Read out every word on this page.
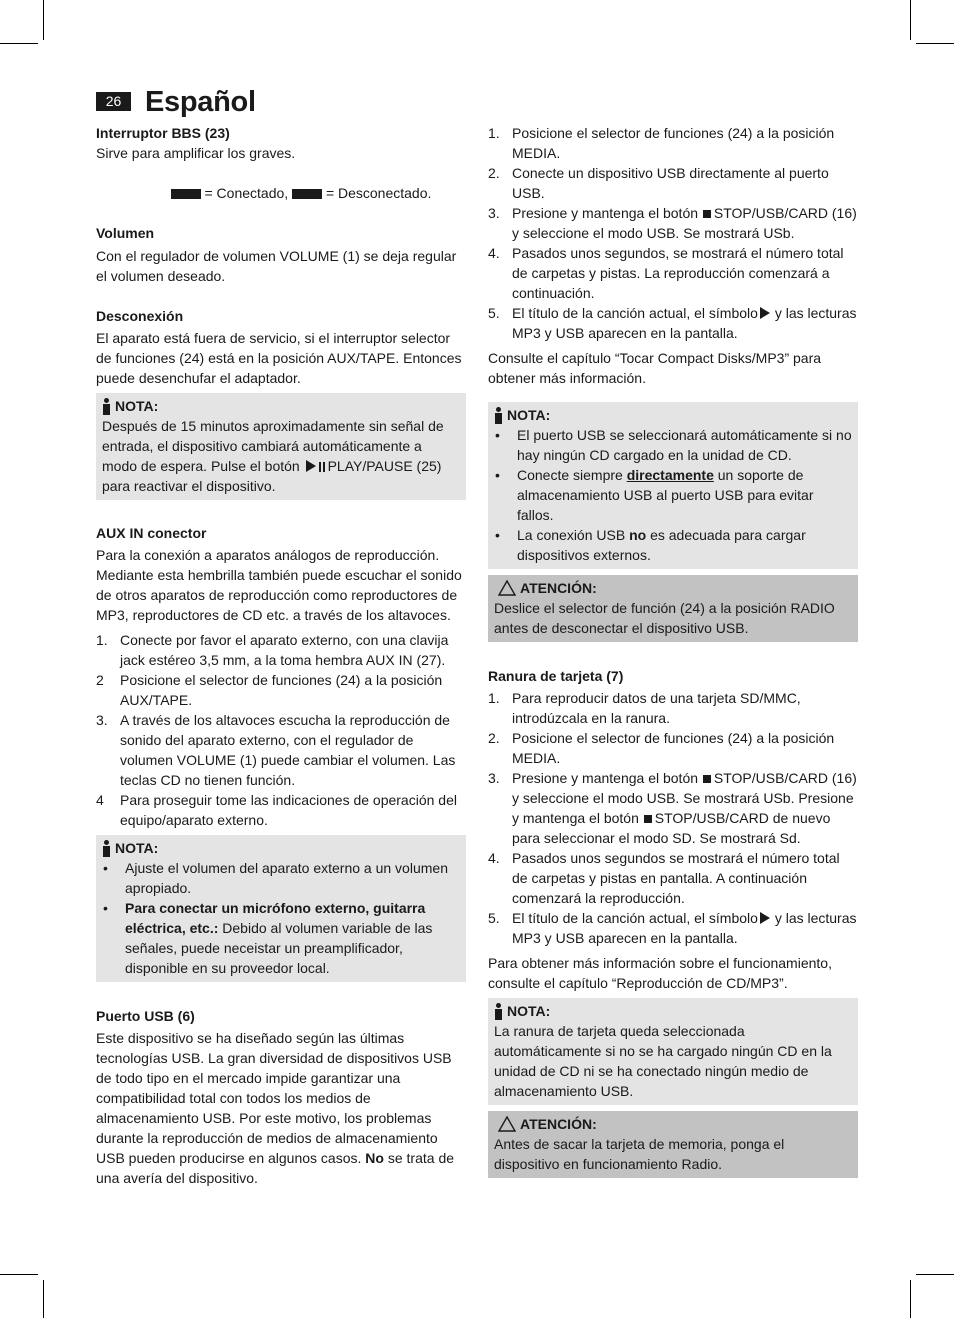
26 Español
Interruptor BBS (23)

Sirve para amplificar los graves.

= Conectado,	= Desconectado.

Volumen

Con el regulador de volumen VOLUME (1) se deja regular el volumen deseado.

Desconexión

El aparato está fuera de servicio, si el interruptor selector de funciones (24) está en la posición AUX/TAPE. Entonces puede desenchufar el adaptador.

NOTA:

Después de 15 minutos aproximadamente sin señal de entrada, el dispositivo cambiará automáticamente a modo de espera. Pulse el botón PLAY/PAUSE (25) para reactivar el dispositivo.

AUX IN conector

Para la conexión a aparatos análogos de reproducción. Mediante esta hembrilla también puede escuchar el sonido de otros aparatos de reproducción como reproductores de MP3, reproductores de CD etc. a través de los altavoces.

1. Conecte por favor el aparato externo, con una clavija jack estéreo 3,5 mm, a la toma hembra AUX IN (27).
2	Posicione el selector de funciones (24) a la posición AUX/TAPE.
3. A través de los altavoces escucha la reproducción de sonido del aparato externo, con el regulador de volumen VOLUME (1) puede cambiar el volumen. Las teclas CD no tienen función.
4	Para proseguir tome las indicaciones de operación del equipo/aparato externo.
NOTA:
•	Ajuste el volumen del aparato externo a un volumen apropiado.
•	Para conectar un micrófono externo, guitarra eléctrica, etc.: Debido al volumen variable de las señales, puede neceistar un preamplificador, disponible en su proveedor local.
Puerto USB (6)

Este dispositivo se ha diseñado según las últimas tecnologías USB. La gran diversidad de dispositivos USB de todo tipo en el mercado impide garantizar una compatibilidad total con todos los medios de almacenamiento USB. Por este motivo, los problemas durante la reproducción de medios de almacenamiento USB pueden producirse en algunos casos. No se trata de una avería del dispositivo.

1. Posicione el selector de funciones (24) a la posición MEDIA.
2. Conecte un dispositivo USB directamente al puerto USB.
3. Presione y mantenga el botón STOP/USB/CARD (16) y seleccione el modo USB. Se mostrará USb.
4. Pasados unos segundos, se mostrará el número total de carpetas y pistas. La reproducción comenzará a continuación.
5. El título de la canción actual, el símbolo y las lecturas MP3 y USB aparecen en la pantalla.

Consulte el capítulo “Tocar Compact Disks/MP3” para obtener más información.

NOTA:
•	El puerto USB se seleccionará automáticamente si no hay ningún CD cargado en la unidad de CD.
•	Conecte siempre directamente un soporte de almacenamiento USB al puerto USB para evitar fallos.
•	La conexión USB no es adecuada para cargar dispositivos externos.
ATENCIÓN:

Deslice el selector de función (24) a la posición RADIO antes de desconectar el dispositivo USB.

Ranura de tarjeta (7)
1. Para reproducir datos de una tarjeta SD/MMC, introdúzcala en la ranura.
2. Posicione el selector de funciones (24) a la posición MEDIA.
3. Presione y mantenga el botón STOP/USB/CARD (16) y seleccione el modo USB. Se mostrará USb. Presione y mantenga el botón STOP/USB/CARD de nuevo para seleccionar el modo SD. Se mostrará Sd.
4. Pasados unos segundos se mostrará el número total de carpetas y pistas en pantalla. A continuación comenzará la reproducción.
5. El título de la canción actual, el símbolo y las lecturas MP3 y USB aparecen en la pantalla.

Para obtener más información sobre el funcionamiento, consulte el capítulo “Reproducción de CD/MP3”.

NOTA:

La ranura de tarjeta queda seleccionada automáticamente si no se ha cargado ningún CD en la unidad de CD ni se ha conectado ningún medio de almacenamiento USB.

ATENCIÓN:

Antes de sacar la tarjeta de memoria, ponga el dispositivo en funcionamiento Radio.
